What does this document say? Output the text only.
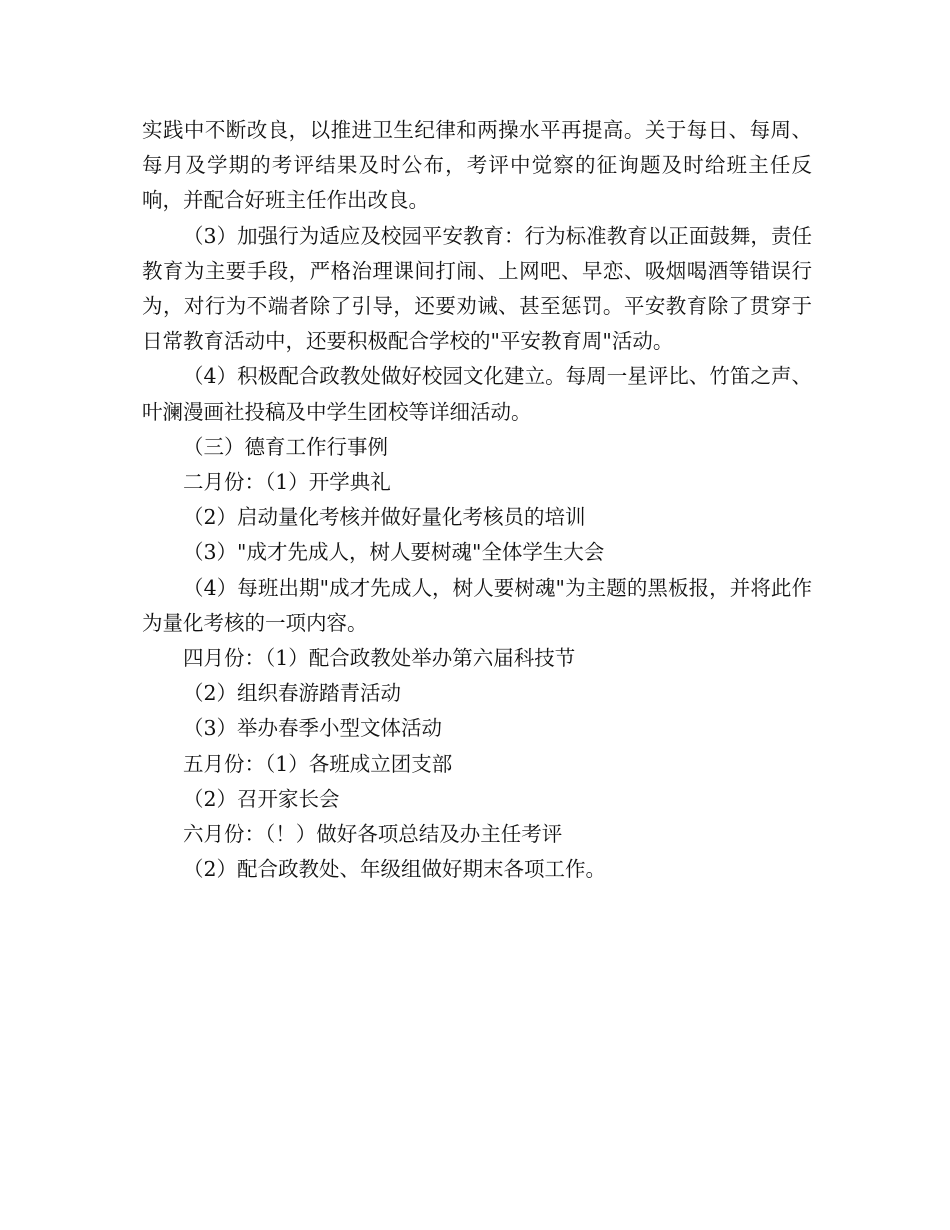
实践中不断改良，以推进卫生纪律和两操水平再提高。关于每日、每周、每月及学期的考评结果及时公布，考评中觉察的征询题及时给班主任反响，并配合好班主任作出改良。

（3）加强行为适应及校园平安教育：行为标准教育以正面鼓舞，责任教育为主要手段，严格治理课间打闹、上网吧、早恋、吸烟喝酒等错误行为，对行为不端者除了引导，还要劝诫、甚至惩罚。平安教育除了贯穿于日常教育活动中，还要积极配合学校的"平安教育周"活动。

（4）积极配合政教处做好校园文化建立。每周一星评比、竹笛之声、叶澜漫画社投稿及中学生团校等详细活动。

（三）德育工作行事例
二月份：（1）开学典礼
（2）启动量化考核并做好量化考核员的培训
（3）"成才先成人，树人要树魂"全体学生大会

（4）每班出期"成才先成人，树人要树魂"为主题的黑板报，并将此作为量化考核的一项内容。

四月份：（1）配合政教处举办第六届科技节
（2）组织春游踏青活动
（3）举办春季小型文体活动
五月份：（1）各班成立团支部
（2）召开家长会
六月份：（！）做好各项总结及办主任考评
（2）配合政教处、年级组做好期末各项工作。
